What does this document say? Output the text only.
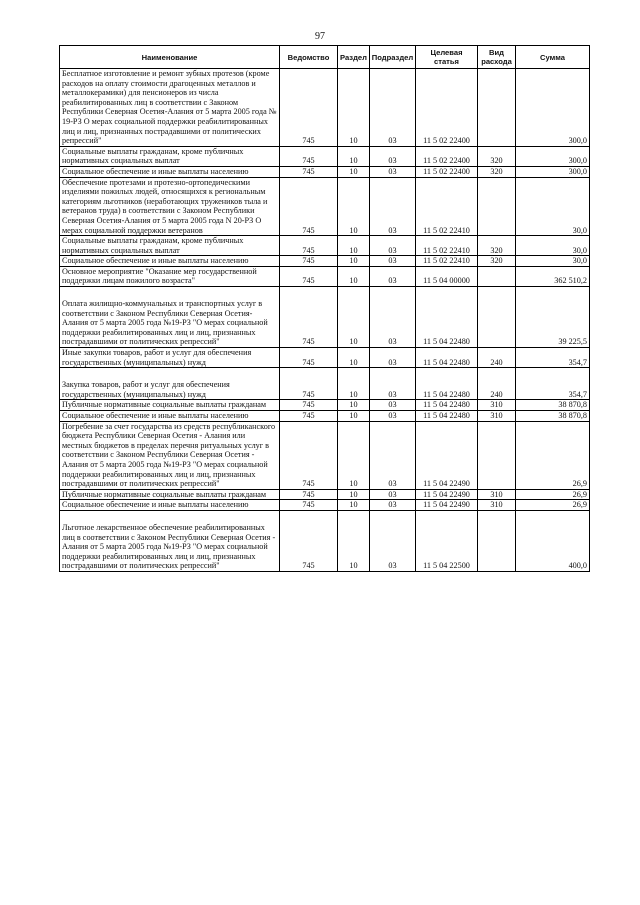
97
Наименование	Ведомство	Раздел	Подраздел	Целевая статья	Вид расхода	Сумма
Бесплатное изготовление и ремонт зубных протезов (кроме расходов на оплату стоимости драгоценных металлов и металлокерамики) для пенсионеров из числа реабилитированных лиц в соответствии с Законом Республики Северная Осетия-Алания от 5 марта 2005 года № 19-РЗ О мерах социальной поддержки реабилитированных лиц и лиц, признанных пострадавшими от политических репрессий"	745	10	03	11 5 02 22400		300,0
Социальные выплаты гражданам, кроме публичных нормативных социальных выплат	745	10	03	11 5 02 22400	320	300,0
Социальное обеспечение и иные выплаты населению	745	10	03	11 5 02 22400	320	300,0
Обеспечение протезами и протезно-ортопедическими изделиями пожилых людей, относящихся к региональным категориям льготников (неработающих тружеников тыла и ветеранов труда) в соответствии с Законом Республики Северная Осетия-Алания от 5 марта 2005 года N 20-РЗ О мерах социальной поддержки ветеранов	745	10	03	11 5 02 22410		30,0
Социальные выплаты гражданам, кроме публичных нормативных социальных выплат	745	10	03	11 5 02 22410	320	30,0
Социальное обеспечение и иные выплаты населению	745	10	03	11 5 02 22410	320	30,0
Основное мероприятие "Оказание мер государственной поддержки лицам пожилого возраста"	745	10	03	11 5 04 00000		362 510,2

Оплата жилищно-коммунальных и транспортных услуг в соответствии с Законом Республики Северная Осетия-Алания от 5 марта 2005 года №19-РЗ "О мерах социальной поддержки реабилитированных лиц и лиц, признанных пострадавшими от политических репрессий"	745	10	03	11 5 04 22480		39 225,5
Иные закупки товаров, работ и услуг для обеспечения государственных (муниципальных) нужд	745	10	03	11 5 04 22480	240	354,7

Закупка товаров, работ и услуг для обеспечения государственных (муниципальных) нужд	745	10	03	11 5 04 22480	240	354,7
Публичные нормативные социальные выплаты гражданам	745	10	03	11 5 04 22480	310	38 870,8
Социальное обеспечение и иные выплаты населению	745	10	03	11 5 04 22480	310	38 870,8
Погребение за счет государства из средств республиканского бюджета Республики Северная Осетия - Алания или местных бюджетов в пределах перечня ритуальных услуг в соответствии с Законом Республики Северная Осетия - Алания от 5 марта 2005 года №19-РЗ "О мерах социальной поддержки реабилитированных лиц и лиц, признанных пострадавшими от политических репрессий"	745	10	03	11 5 04 22490		26,9
Публичные нормативные социальные выплаты гражданам	745	10	03	11 5 04 22490	310	26,9
Социальное обеспечение и иные выплаты населению	745	10	03	11 5 04 22490	310	26,9

Льготное лекарственное обеспечение реабилитированных лиц в соответствии с Законом Республики Северная Осетия - Алания от 5 марта 2005 года №19-РЗ "О мерах социальной поддержки реабилитированных лиц и лиц, признанных пострадавшими от политических репрессий"	745	10	03	11 5 04 22500		400,0
